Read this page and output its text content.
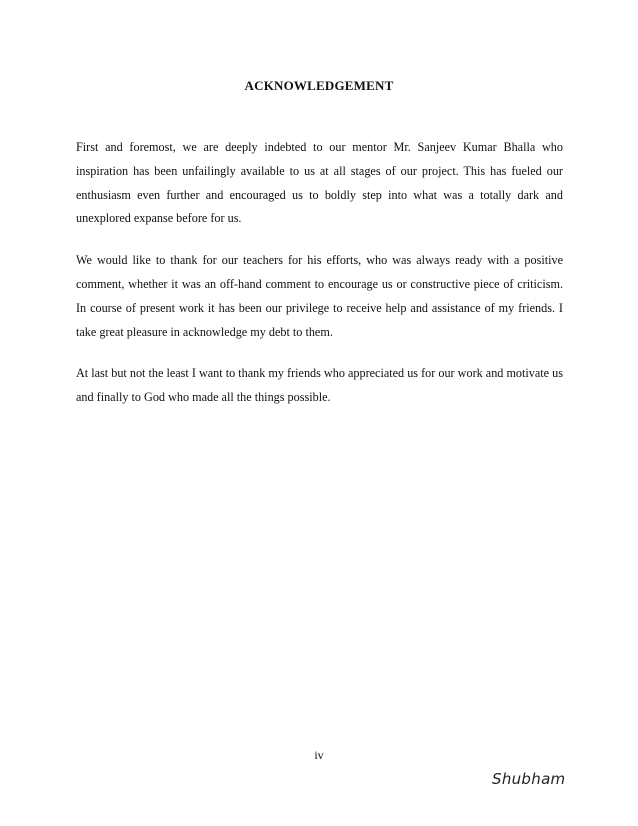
ACKNOWLEDGEMENT

First and foremost, we are deeply indebted to our mentor Mr. Sanjeev Kumar Bhalla who inspiration has been unfailingly available to us at all stages of our project. This has fueled our enthusiasm even further and encouraged us to boldly step into what was a totally dark and unexplored expanse before for us.

We would like to thank for our teachers for his efforts, who was always ready with a positive comment, whether it was an off-hand comment to encourage us or constructive piece of criticism. In course of present work it has been our privilege to receive help and assistance of my friends. I take great pleasure in acknowledge my debt to them.

At last but not the least I want to thank my friends who appreciated us for our work and motivate us and finally to God who made all the things possible.

iv
Shubham
